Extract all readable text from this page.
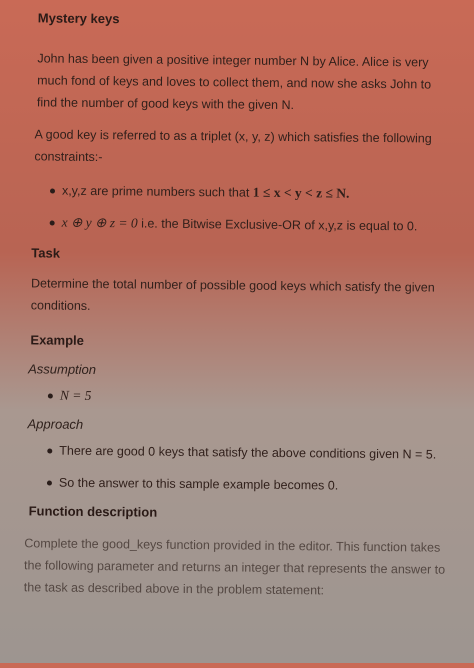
Mystery keys

John has been given a positive integer number N by Alice. Alice is very much fond of keys and loves to collect them, and now she asks John to find the number of good keys with the given N.

A good key is referred to as a triplet (x, y, z) which satisfies the following constraints:-

x,y,z are prime numbers such that 1 ≤ x < y < z ≤ N.
x ⊕ y ⊕ z = 0 i.e. the Bitwise Exclusive-OR of x,y,z is equal to 0.
Task

Determine the total number of possible good keys which satisfy the given conditions.

Example
Assumption
N = 5
Approach
There are good 0 keys that satisfy the above conditions given N = 5.
So the answer to this sample example becomes 0.
Function description

Complete the good_keys function provided in the editor. This function takes the following parameter and returns an integer that represents the answer to the task as described above in the problem statement:
